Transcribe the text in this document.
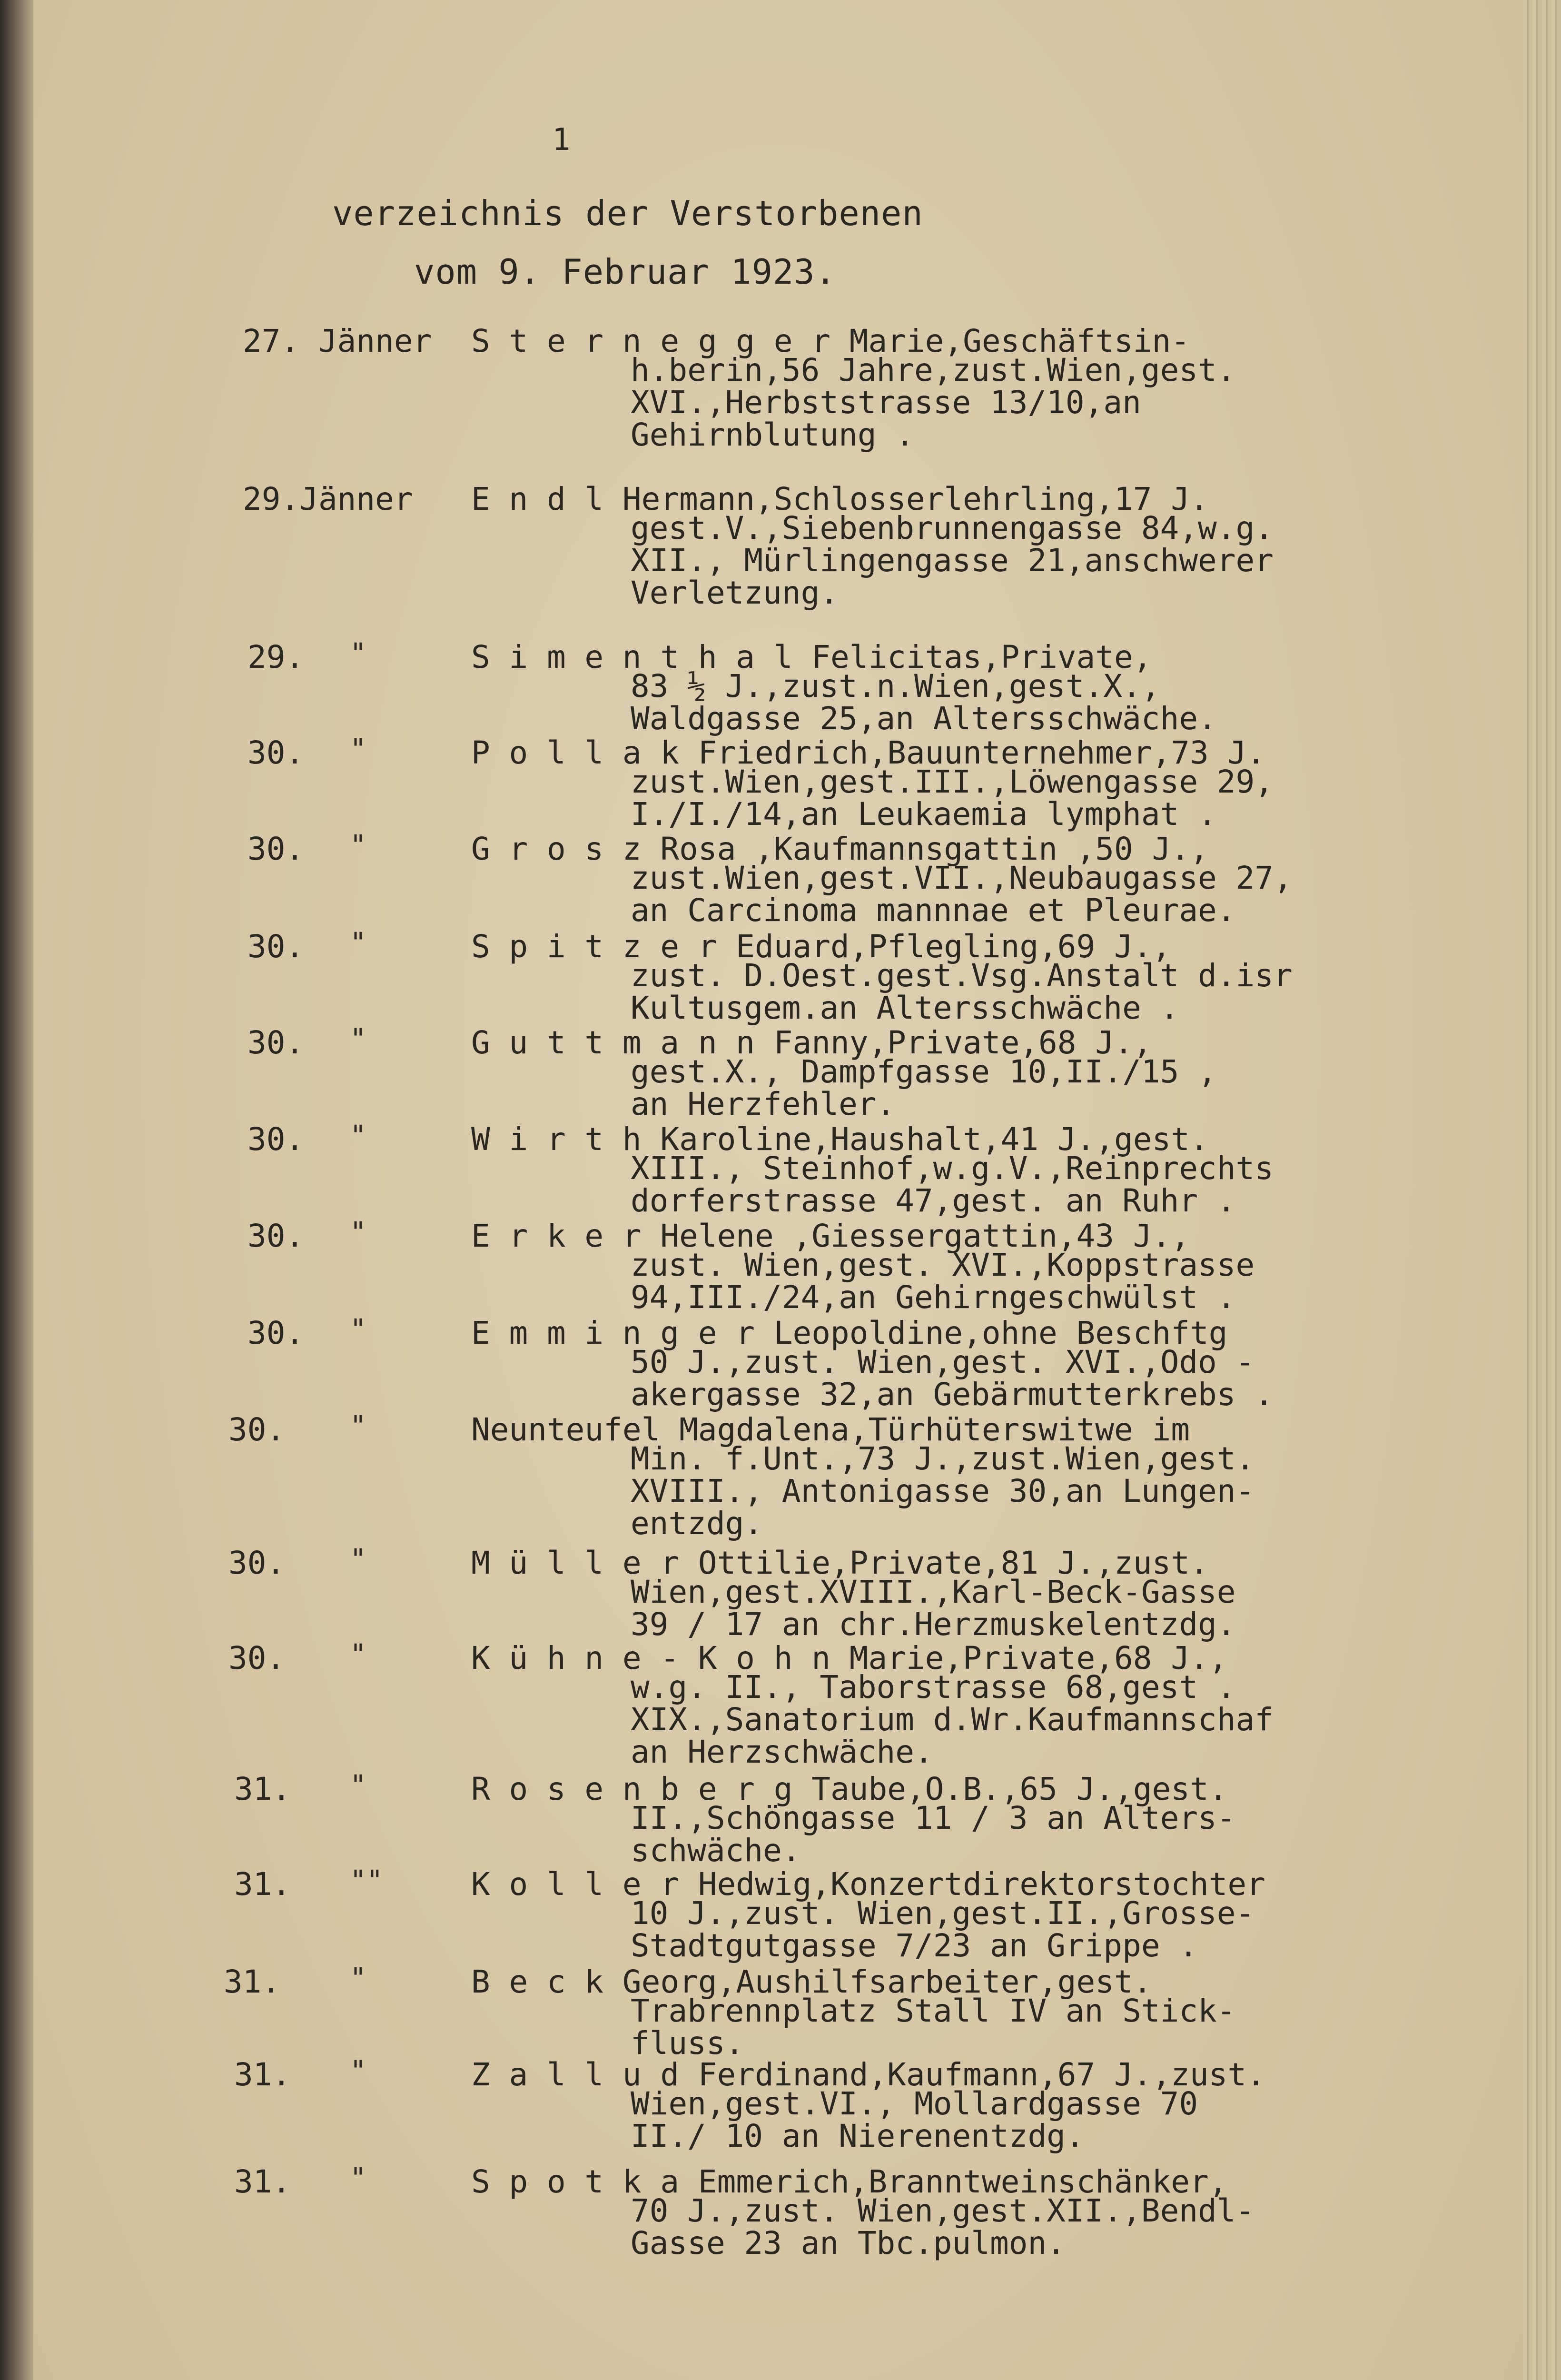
1
verzeichnis der Verstorbenen
vom 9. Februar 1923.
27. Jänner S t e r n e g g e r Marie,Geschäftsin-
h.berin,56 Jahre,zust.Wien,gest.
XVI.,Herbststrasse 13/10,an
Gehirnblutung .
29.Jänner E n d l Hermann,Schlosserlehrling,17 J.
gest.V.,Siebenbrunnengasse 84,w.g.
XII., Mürlingengasse 21,anschwerer
Verletzung.
29. "	S i m e n t h a l Felicitas,Private,
83 ½ J.,zust.n.Wien,gest.X.,
Waldgasse 25,an Altersschwäche.
30. "	P o l l a k Friedrich,Bauunternehmer,73 J.
zust.Wien,gest.III.,Löwengasse 29,
I./I./14,an Leukaemia lymphat .
30. "	G r o s z Rosa ,Kaufmannsgattin ,50 J.,
zust.Wien,gest.VII.,Neubaugasse 27,
an Carcinoma mannnae et Pleurae.
30. "	S p i t z e r Eduard,Pflegling,69 J.,
zust. D.Oest.gest.Vsg.Anstalt d.isr
Kultusgem.an Altersschwäche .
30. "	G u t t m a n n Fanny,Private,68 J.,
gest.X., Dampfgasse 10,II./15 ,
an Herzfehler.
30. "	W i r t h Karoline,Haushalt,41 J.,gest.
XIII., Steinhof,w.g.V.,Reinprechts
dorferstrasse 47,gest. an Ruhr .
30. "	E r k e r Helene ,Giessergattin,43 J.,
zust. Wien,gest. XVI.,Koppstrasse
94,III./24,an Gehirngeschwülst .
30. "	E m m i n g e r Leopoldine,ohne Beschftg
50 J.,zust. Wien,gest. XVI.,Odo -
akergasse 32,an Gebärmutterkrebs .
30. "	Neunteufel Magdalena,Türhüterswitwe im
Min. f.Unt.,73 J.,zust.Wien,gest.
XVIII., Antonigasse 30,an Lungen-
entzdg.
30. "	M ü l l e r Ottilie,Private,81 J.,zust.
Wien,gest.XVIII.,Karl-Beck-Gasse
39 / 17 an chr.Herzmuskelentzdg.
30. "	K ü h n e - K o h n Marie,Private,68 J.,
w.g. II., Taborstrasse 68,gest .
XIX.,Sanatorium d.Wr.Kaufmannschaf
an Herzschwäche.
31. "	R o s e n b e r g Taube,O.B.,65 J.,gest.
II.,Schöngasse 11 / 3 an Alters-
schwäche.
31. ""	K o l l e r Hedwig,Konzertdirektorstochter
10 J.,zust. Wien,gest.II.,Grosse-
Stadtgutgasse 7/23 an Grippe .
31.	"	B e c k Georg,Aushilfsarbeiter,gest.
Trabrennplatz Stall IV an Stick-
fluss.
31. "	Z a l l u d Ferdinand,Kaufmann,67 J.,zust.
Wien,gest.VI., Mollardgasse 70
II./ 10 an Nierenentzdg.
31. "	S p o t k a Emmerich,Branntweinschänker,
70 J.,zust. Wien,gest.XII.,Bendl-
Gasse 23 an Tbc.pulmon.
